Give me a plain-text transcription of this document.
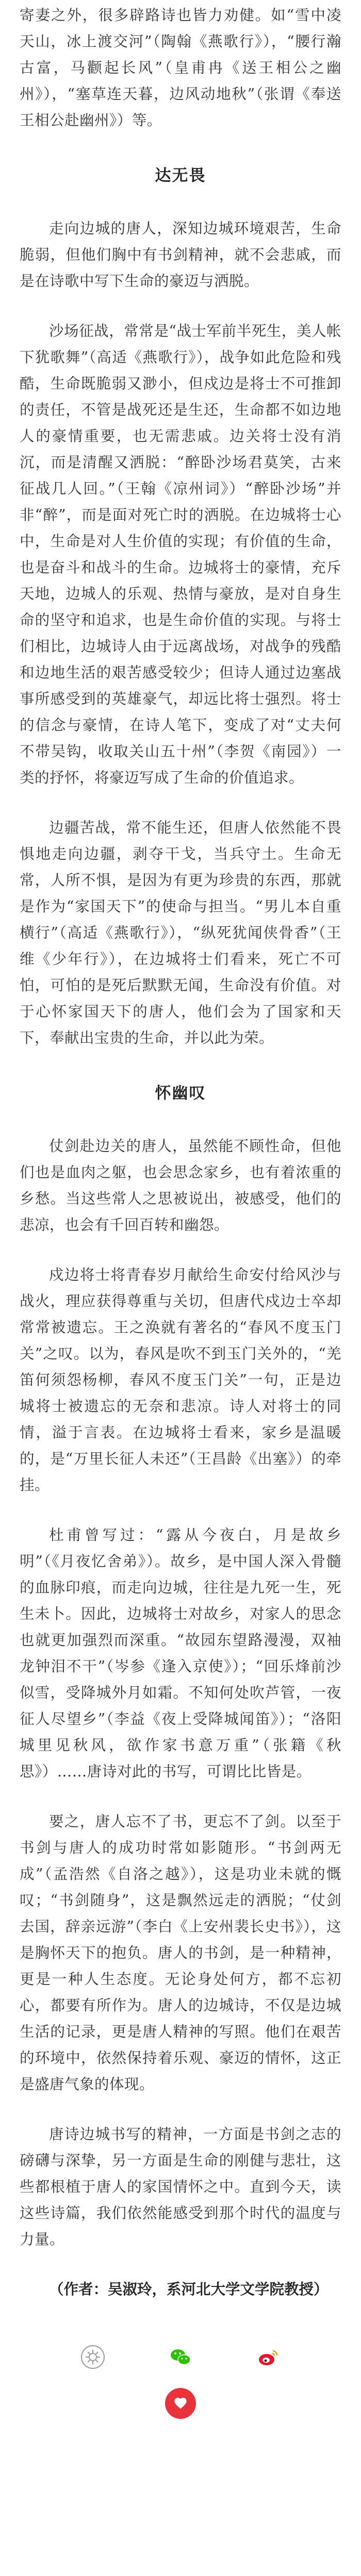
寄妻之外，很多辟路诗也皆力劝健。如“雪中凌天山，冰上渡交河”（陶翰《燕歌行》），“腰行瀚古富，马颧起长风”（皇甫冉《送王相公之幽州》），“塞草连天暮，边风动地秋”（张谓《奉送王相公赴幽州》）等。

达无畏

走向边城的唐人，深知边城环境艰苦，生命脆弱，但他们胸中有书剑精神，就不会悲戚，而是在诗歌中写下生命的豪迈与洒脱。

沙场征战，常常是“战士军前半死生，美人帐下犹歌舞”（高适《燕歌行》），战争如此危险和残酷，生命既脆弱又渺小，但戍边是将士不可推卸的责任，不管是战死还是生还，生命都不如边地人的豪情重要，也无需悲戚。边关将士没有消沉，而是清醒又洒脱：“醉卧沙场君莫笑，古来征战几人回。”（王翰《凉州词》）“醉卧沙场”并非“醉”，而是面对死亡时的洒脱。在边城将士心中，生命是对人生价值的实现；有价值的生命，也是奋斗和战斗的生命。边城将士的豪情，充斥天地，边城人的乐观、热情与豪放，是对自身生命的坚守和追求，也是生命价值的实现。与将士们相比，边城诗人由于远离战场，对战争的残酷和边地生活的艰苦感受较少；但诗人通过边塞战事所感受到的英雄豪气，却远比将士强烈。将士的信念与豪情，在诗人笔下，变成了对“丈夫何不带吴钩，收取关山五十州”（李贺《南园》）一类的抒怀，将豪迈写成了生命的价值追求。

边疆苦战，常不能生还，但唐人依然能不畏惧地走向边疆，剥夺干戈，当兵守土。生命无常，人所不惧，是因为有更为珍贵的东西，那就是作为“家国天下”的使命与担当。“男儿本自重横行”（高适《燕歌行》），“纵死犹闻侠骨香”（王维《少年行》），在边城将士们看来，死亡不可怕，可怕的是死后默默无闻，生命没有价值。对于心怀家国天下的唐人，他们会为了国家和天下，奉献出宝贵的生命，并以此为荣。

怀幽叹

仗剑赴边关的唐人，虽然能不顾性命，但他们也是血肉之躯，也会思念家乡，也有着浓重的乡愁。当这些常人之思被说出，被感受，他们的悲凉，也会有千回百转和幽怨。

戍边将士将青春岁月献给生命安付给风沙与战火，理应获得尊重与关切，但唐代戍边士卒却常常被遗忘。王之涣就有著名的“春风不度玉门关”之叹。以为，春风是吹不到玉门关外的，“羌笛何须怨杨柳，春风不度玉门关”一句，正是边城将士被遗忘的无奈和悲凉。诗人对将士的同情，溢于言表。在边城将士看来，家乡是温暖的，是“万里长征人未还”（王昌龄《出塞》）的牵挂。

杜甫曾写过：“露从今夜白，月是故乡明”（《月夜忆舍弟》）。故乡，是中国人深入骨髓的血脉印痕，而走向边城，往往是九死一生，死生未卜。因此，边城将士对故乡，对家人的思念也就更加强烈而深重。“故园东望路漫漫，双袖龙钟泪不干”（岑参《逢入京使》）；“回乐烽前沙似雪，受降城外月如霜。不知何处吹芦管，一夜征人尽望乡”（李益《夜上受降城闻笛》）；“洛阳城里见秋风，欲作家书意万重”（张籍《秋思》）……唐诗对此的书写，可谓比比皆是。

要之，唐人忘不了书，更忘不了剑。以至于书剑与唐人的成功时常如影随形。“书剑两无成”（孟浩然《自洛之越》），这是功业未就的慨叹；“书剑随身”，这是飘然远走的洒脱；“仗剑去国，辞亲远游”（李白《上安州裴长史书》），这是胸怀天下的抱负。唐人的书剑，是一种精神，更是一种人生态度。无论身处何方，都不忘初心，都要有所作为。唐人的边城诗，不仅是边城生活的记录，更是唐人精神的写照。他们在艰苦的环境中，依然保持着乐观、豪迈的情怀，这正是盛唐气象的体现。

唐诗边城书写的精神，一方面是书剑之志的磅礴与深挚，另一方面是生命的刚健与悲壮，这些都根植于唐人的家国情怀之中。直到今天，读这些诗篇，我们依然能感受到那个时代的温度与力量。

（作者：吴淑玲，系河北大学文学院教授）
